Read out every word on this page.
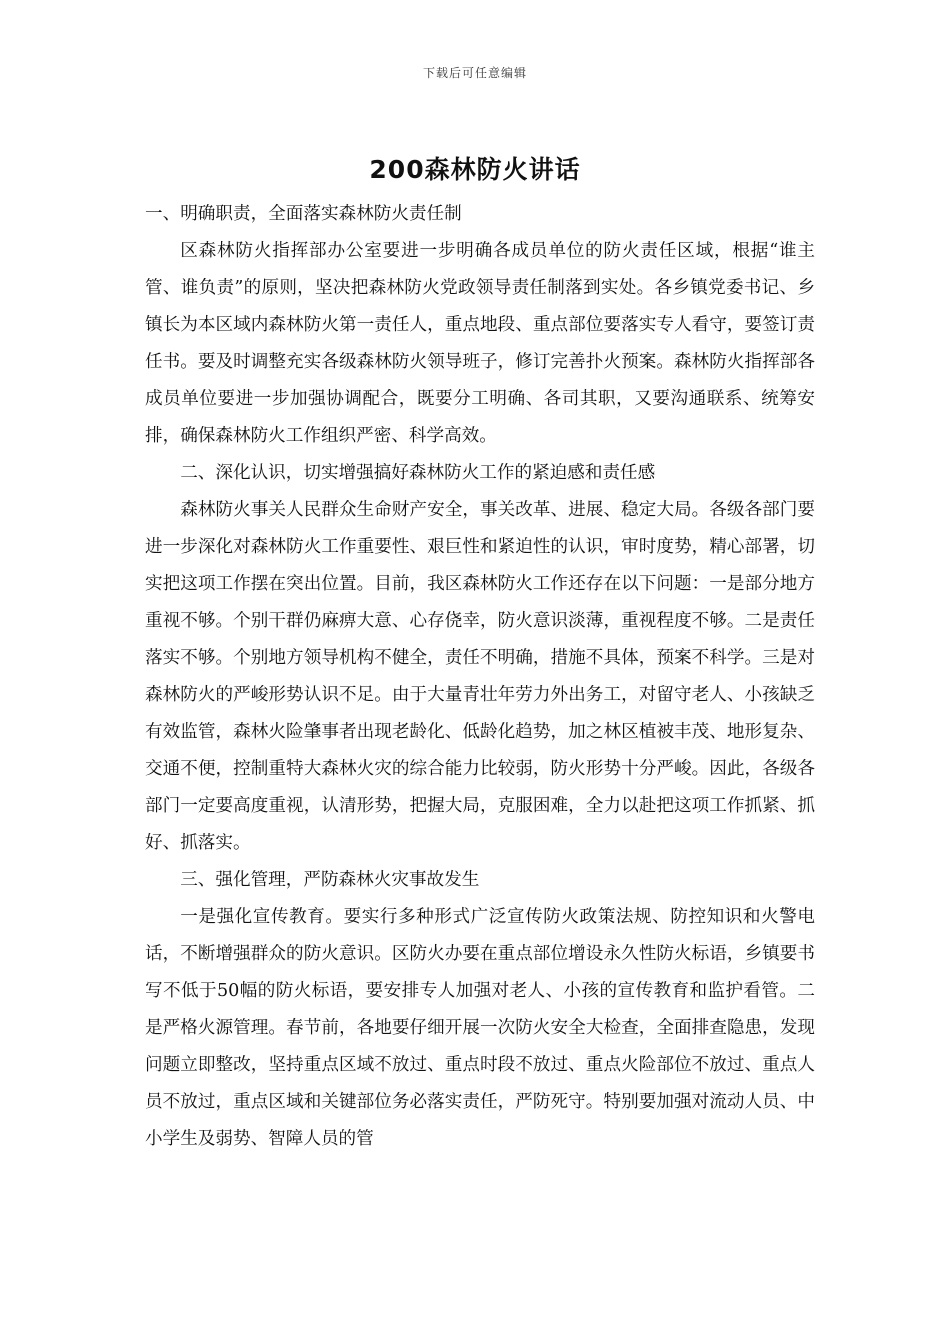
下载后可任意编辑
200森林防火讲话

一、明确职责，全面落实森林防火责任制

区森林防火指挥部办公室要进一步明确各成员单位的防火责任区域，根据“谁主管、谁负责”的原则，坚决把森林防火党政领导责任制落到实处。各乡镇党委书记、乡镇长为本区域内森林防火第一责任人，重点地段、重点部位要落实专人看守，要签订责任书。要及时调整充实各级森林防火领导班子，修订完善扑火预案。森林防火指挥部各成员单位要进一步加强协调配合，既要分工明确、各司其职，又要沟通联系、统筹安排，确保森林防火工作组织严密、科学高效。

二、深化认识，切实增强搞好森林防火工作的紧迫感和责任感

森林防火事关人民群众生命财产安全，事关改革、进展、稳定大局。各级各部门要进一步深化对森林防火工作重要性、艰巨性和紧迫性的认识，审时度势，精心部署，切实把这项工作摆在突出位置。目前，我区森林防火工作还存在以下问题：一是部分地方重视不够。个别干群仍麻痹大意、心存侥幸，防火意识淡薄，重视程度不够。二是责任落实不够。个别地方领导机构不健全，责任不明确，措施不具体，预案不科学。三是对森林防火的严峻形势认识不足。由于大量青壮年劳力外出务工，对留守老人、小孩缺乏有效监管，森林火险肇事者出现老龄化、低龄化趋势，加之林区植被丰茂、地形复杂、交通不便，控制重特大森林火灾的综合能力比较弱，防火形势十分严峻。因此，各级各部门一定要高度重视，认清形势，把握大局，克服困难，全力以赴把这项工作抓紧、抓好、抓落实。

三、强化管理，严防森林火灾事故发生

一是强化宣传教育。要实行多种形式广泛宣传防火政策法规、防控知识和火警电话，不断增强群众的防火意识。区防火办要在重点部位增设永久性防火标语，乡镇要书写不低于50幅的防火标语，要安排专人加强对老人、小孩的宣传教育和监护看管。二是严格火源管理。春节前，各地要仔细开展一次防火安全大检查，全面排查隐患，发现问题立即整改，坚持重点区域不放过、重点时段不放过、重点火险部位不放过、重点人员不放过，重点区域和关键部位务必落实责任，严防死守。特别要加强对流动人员、中小学生及弱势、智障人员的管
